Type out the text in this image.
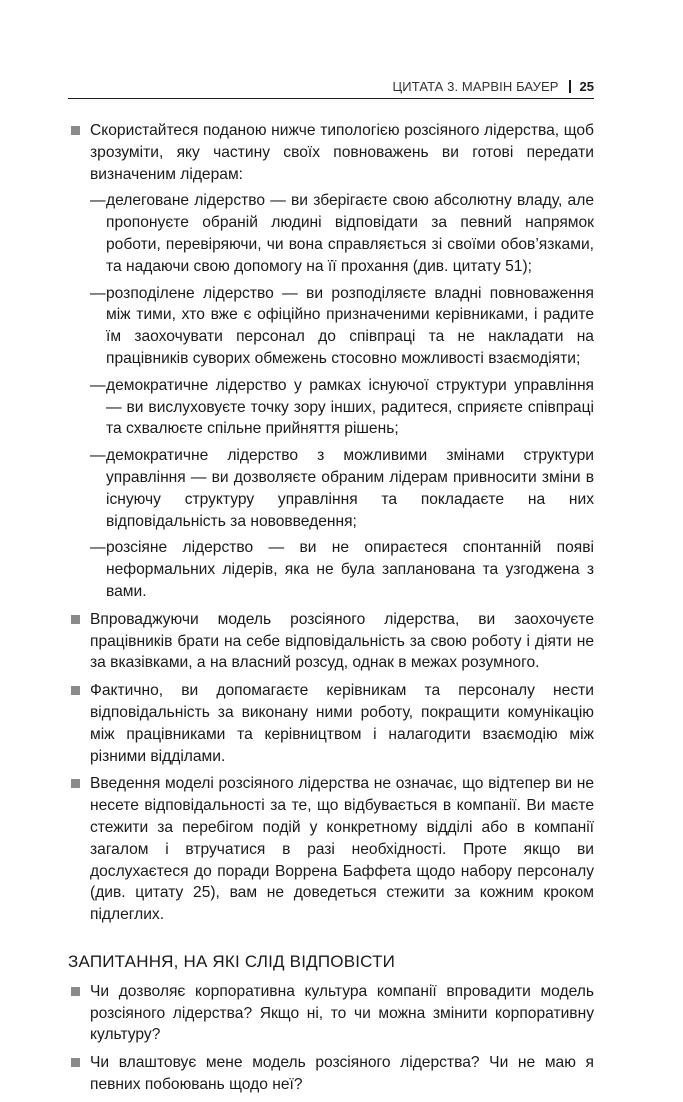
ЦИТАТА 3. МАРВІН БАУЕР 25
Скористайтеся поданою нижче типологією розсіяного лідерства, щоб зрозуміти, яку частину своїх повноважень ви готові передати визначеним лідерам:
— делеговане лідерство — ви зберігаєте свою абсолютну владу, але пропонуєте обраній людині відповідати за певний напрямок роботи, перевіряючи, чи вона справляється зі своїми обов’язками, та надаючи свою допомогу на її прохання (див. цитату 51);
— розподілене лідерство — ви розподіляєте владні повноваження між тими, хто вже є офіційно призначеними керівниками, і радите їм заохочувати персонал до співпраці та не накладати на працівників суворих обмежень стосовно можливості взаємодіяти;
— демократичне лідерство у рамках існуючої структури управління — ви вислуховуєте точку зору інших, радитеся, сприяєте співпраці та схвалюєте спільне прийняття рішень;
— демократичне лідерство з можливими змінами структури управління — ви дозволяєте обраним лідерам привносити зміни в існуючу структуру управління та покладаєте на них відповідальність за нововведення;
— розсіяне лідерство — ви не опираєтеся спонтанній появі неформальних лідерів, яка не була запланована та узгоджена з вами.
Впроваджуючи модель розсіяного лідерства, ви заохочуєте працівників брати на себе відповідальність за свою роботу і діяти не за вказівками, а на власний розсуд, однак в межах розумного.
Фактично, ви допомагаєте керівникам та персоналу нести відповідальність за виконану ними роботу, покращити комунікацію між працівниками та керівництвом і налагодити взаємодію між різними відділами.
Введення моделі розсіяного лідерства не означає, що відтепер ви не несете відповідальності за те, що відбувається в компанії. Ви маєте стежити за перебігом подій у конкретному відділі або в компанії загалом і втручатися в разі необхідності. Проте якщо ви дослухаєтеся до поради Воррена Баффета щодо набору персоналу (див. цитату 25), вам не доведеться стежити за кожним кроком підлеглих.
ЗАПИТАННЯ, НА ЯКІ СЛІД ВІДПОВІСТИ
Чи дозволяє корпоративна культура компанії впровадити модель розсіяного лідерства? Якщо ні, то чи можна змінити корпоративну культуру?
Чи влаштовує мене модель розсіяного лідерства? Чи не маю я певних побоювань щодо неї?
